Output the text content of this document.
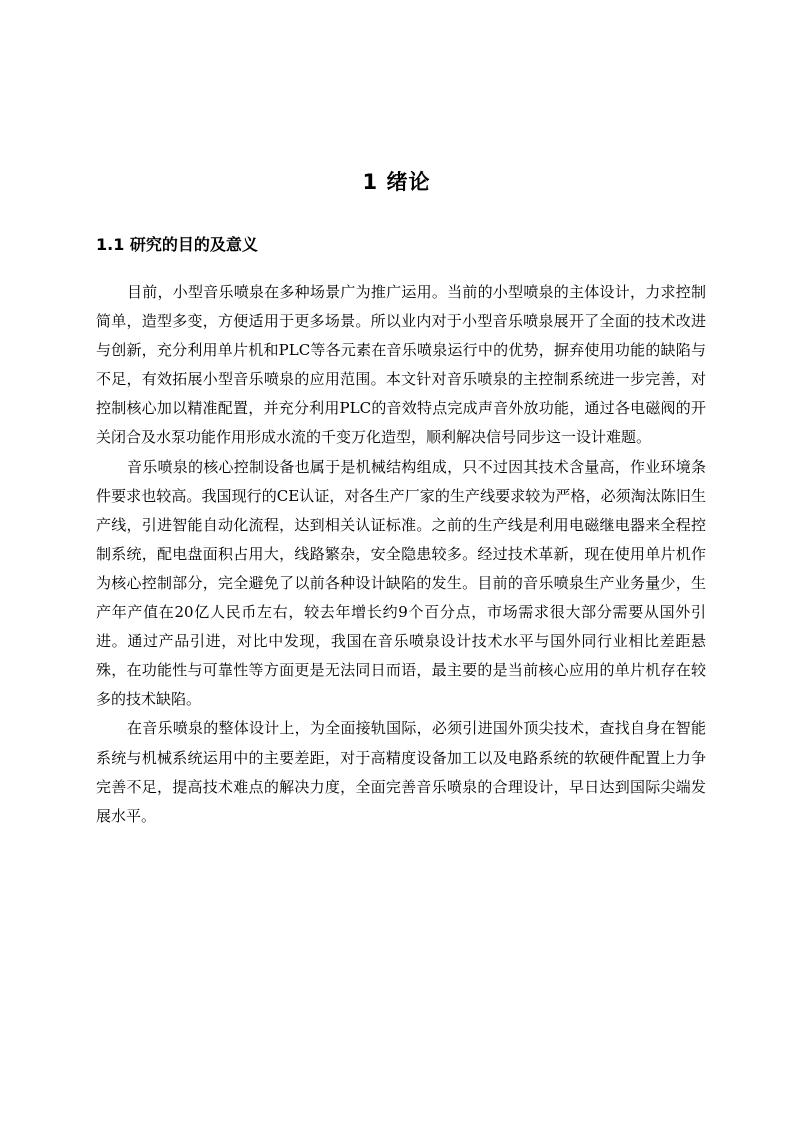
1 绪论
1.1 研究的目的及意义

目前，小型音乐喷泉在多种场景广为推广运用。当前的小型喷泉的主体设计，力求控制简单，造型多变，方便适用于更多场景。所以业内对于小型音乐喷泉展开了全面的技术改进与创新，充分利用单片机和PLC等各元素在音乐喷泉运行中的优势，摒弃使用功能的缺陷与不足，有效拓展小型音乐喷泉的应用范围。本文针对音乐喷泉的主控制系统进一步完善，对控制核心加以精准配置，并充分利用PLC的音效特点完成声音外放功能，通过各电磁阀的开关闭合及水泵功能作用形成水流的千变万化造型，顺利解决信号同步这一设计难题。

音乐喷泉的核心控制设备也属于是机械结构组成，只不过因其技术含量高，作业环境条件要求也较高。我国现行的CE认证，对各生产厂家的生产线要求较为严格，必须淘汰陈旧生产线，引进智能自动化流程，达到相关认证标准。之前的生产线是利用电磁继电器来全程控制系统，配电盘面积占用大，线路繁杂，安全隐患较多。经过技术革新，现在使用单片机作为核心控制部分，完全避免了以前各种设计缺陷的发生。目前的音乐喷泉生产业务量少，生产年产值在20亿人民币左右，较去年增长约9个百分点，市场需求很大部分需要从国外引进。通过产品引进，对比中发现，我国在音乐喷泉设计技术水平与国外同行业相比差距悬殊，在功能性与可靠性等方面更是无法同日而语，最主要的是当前核心应用的单片机存在较多的技术缺陷。

在音乐喷泉的整体设计上，为全面接轨国际，必须引进国外顶尖技术，查找自身在智能系统与机械系统运用中的主要差距，对于高精度设备加工以及电路系统的软硬件配置上力争完善不足，提高技术难点的解决力度，全面完善音乐喷泉的合理设计，早日达到国际尖端发展水平。
